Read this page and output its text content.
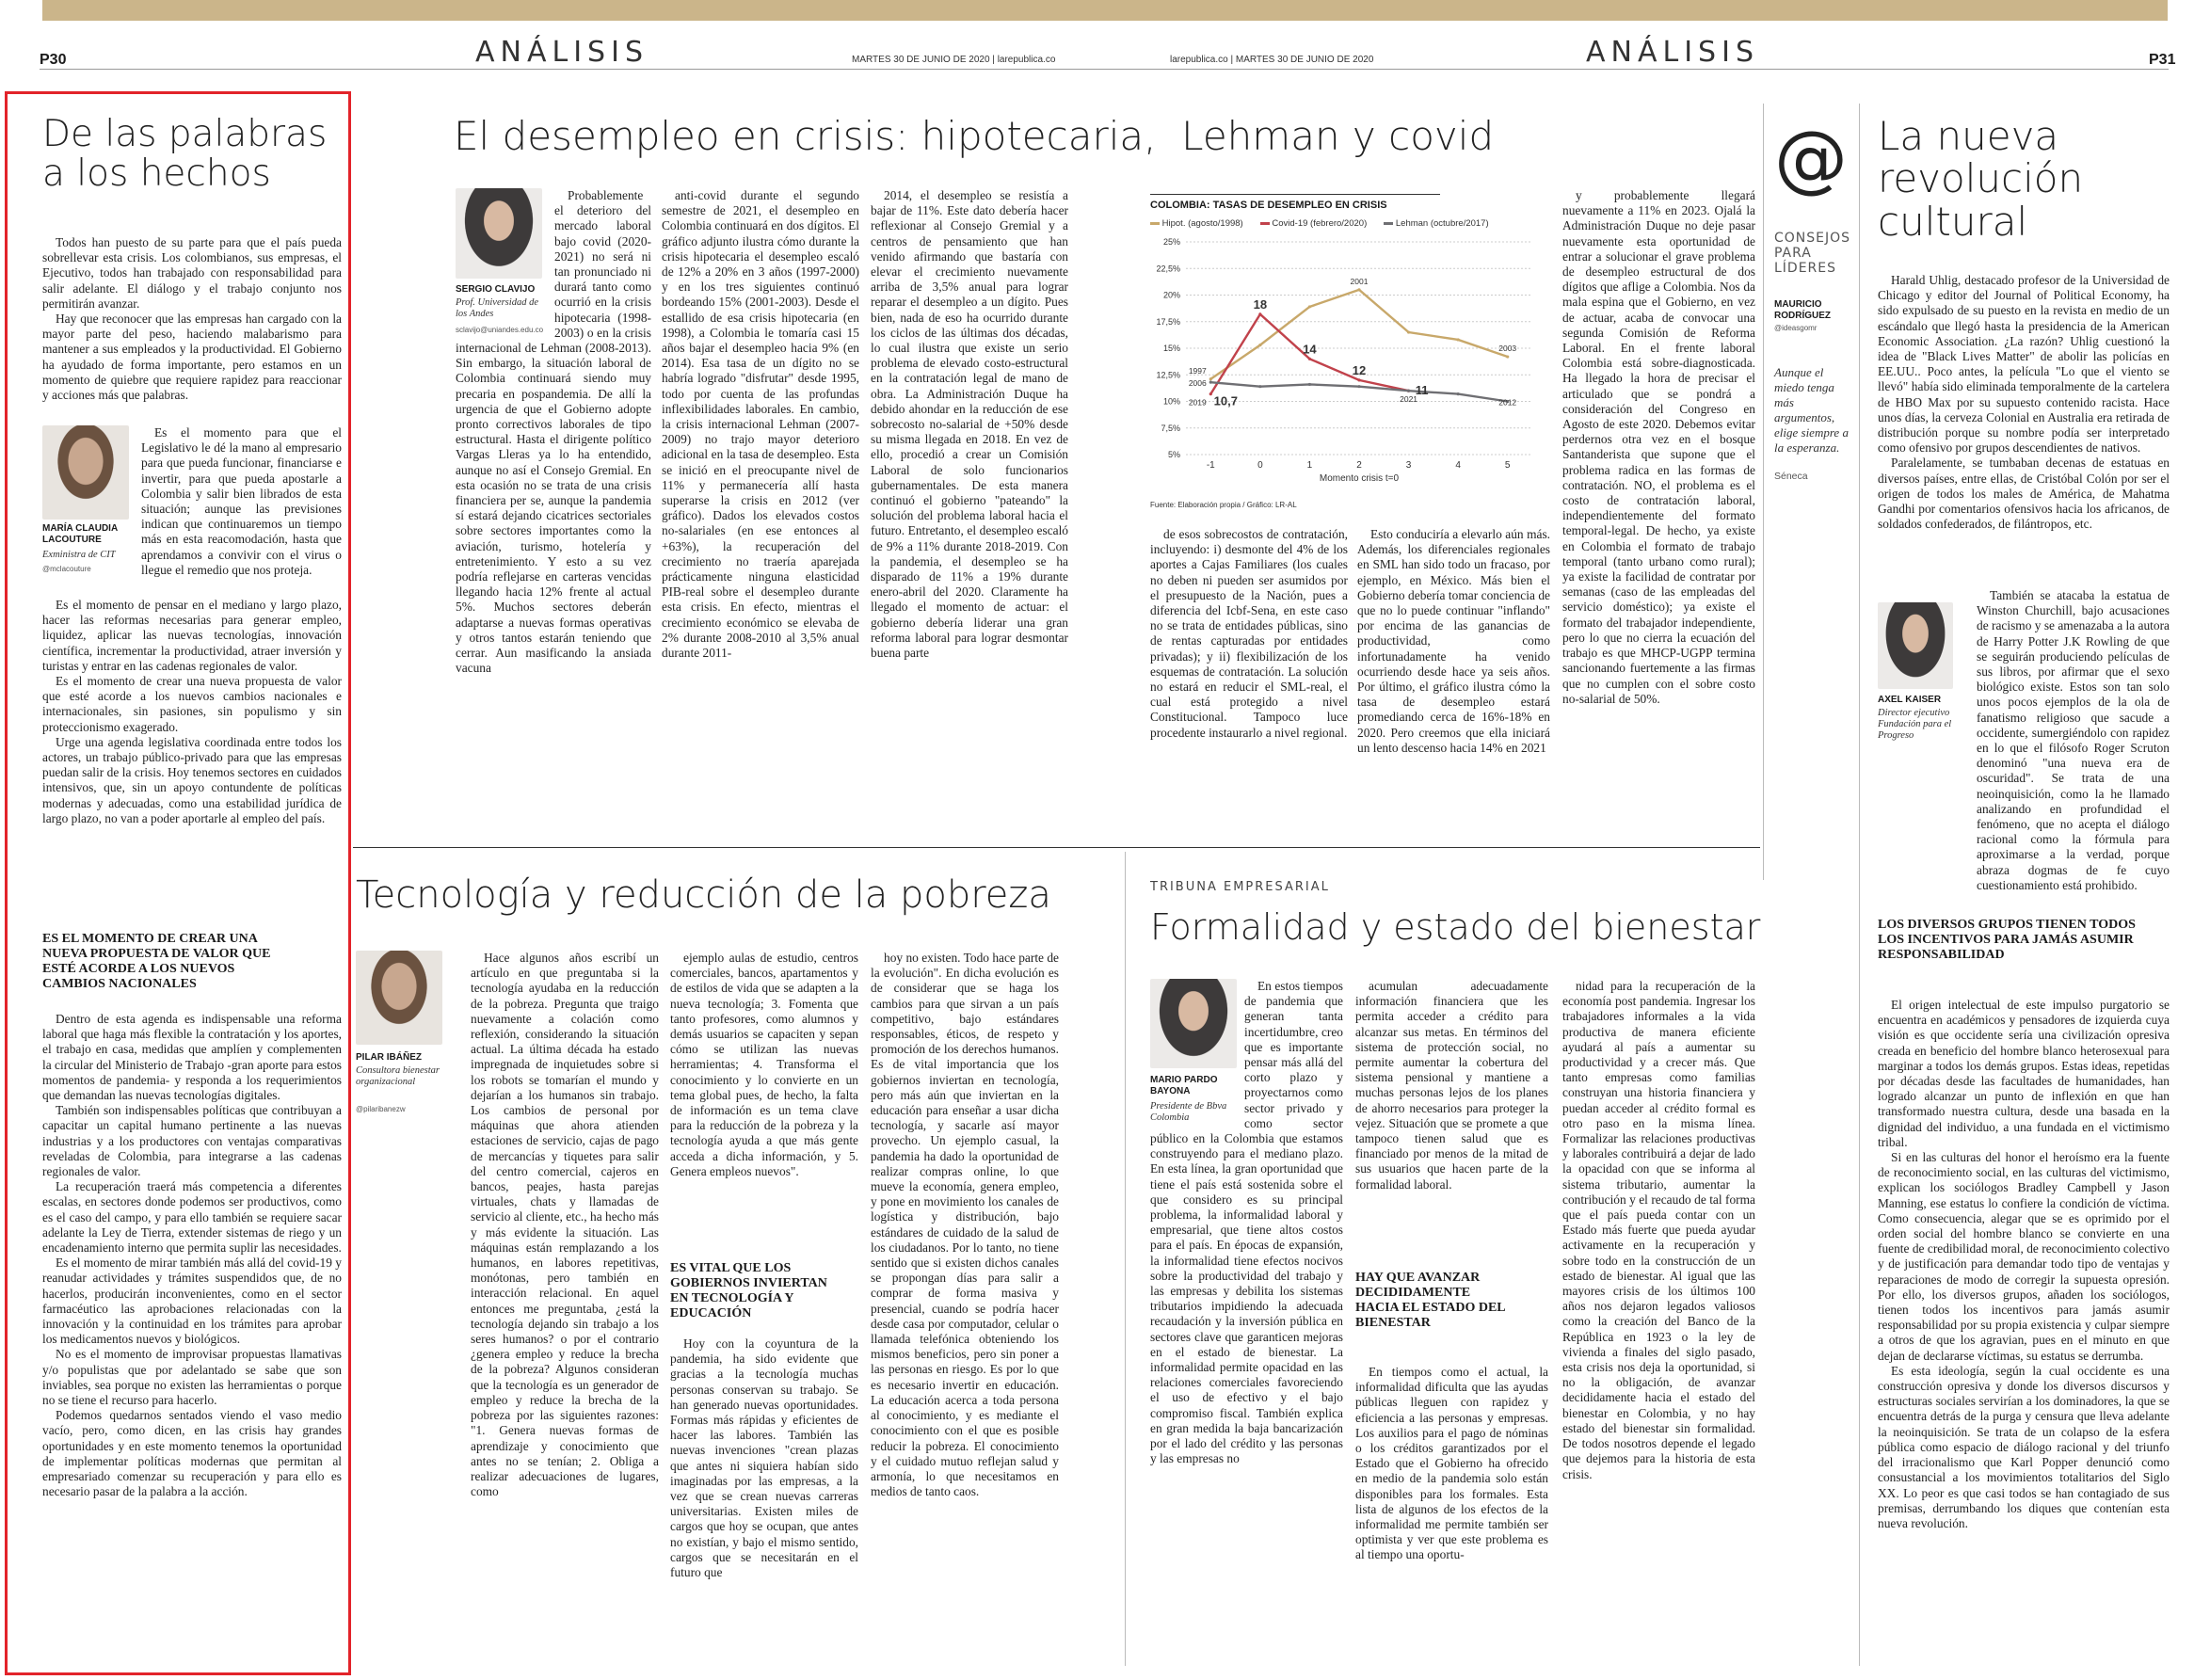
P30	ANÁLISIS	MARTES 30 DE JUNIO DE 2020 | larepublica.co	larepublica.co | MARTES 30 DE JUNIO DE 2020	ANÁLISIS	P31
De las palabras a los hechos

Todos han puesto de su parte para que el país pueda sobrellevar esta crisis. Los colombianos, sus empresas, el Ejecutivo, todos han trabajado con responsabilidad para salir adelante. El diálogo y el trabajo conjunto nos permitirán avanzar.

Hay que reconocer que las empresas han cargado con la mayor parte del peso, haciendo malabarismo para mantener a sus empleados y la productividad. El Gobierno ha ayudado de forma importante, pero estamos en un momento de quiebre que requiere rapidez para reaccionar y acciones más que palabras.

MARÍA CLAUDIA LACOUTURE
Exministra de CIT
@mclacouture

Es el momento para que el Legislativo le dé la mano al empresario para que pueda funcionar, financiarse e invertir, para que pueda apostarle a Colombia y salir bien librados de esta situación; aunque las previsiones indican que continuaremos un tiempo más en esta reacomodación, hasta que aprendamos a convivir con el virus o llegue el remedio que nos proteja.

Es el momento de pensar en el mediano y largo plazo, hacer las reformas necesarias para generar empleo, liquidez, aplicar las nuevas tecnologías, innovación científica, incrementar la productividad, atraer inversión y turistas y entrar en las cadenas regionales de valor.

Es el momento de crear una nueva propuesta de valor que esté acorde a los nuevos cambios nacionales e internacionales, sin pasiones, sin populismo y sin proteccionismo exagerado.

Urge una agenda legislativa coordinada entre todos los actores, un trabajo público-privado para que las empresas puedan salir de la crisis. Hoy tenemos sectores en cuidados intensivos, que, sin un apoyo contundente de políticas modernas y adecuadas, como una estabilidad jurídica de largo plazo, no van a poder aportarle al empleo del país.

ES EL MOMENTO DE CREAR UNA NUEVA PROPUESTA DE VALOR QUE ESTÉ ACORDE A LOS NUEVOS CAMBIOS NACIONALES

Dentro de esta agenda es indispensable una reforma laboral que haga más flexible la contratación y los aportes, el trabajo en casa, medidas que amplíen y complementen la circular del Ministerio de Trabajo -gran aporte para estos momentos de pandemia- y responda a los requerimientos que demandan las nuevas tecnologías digitales.

También son indispensables políticas que contribuyan a capacitar un capital humano pertinente a las nuevas industrias y a los productores con ventajas comparativas reveladas de Colombia, para integrarse a las cadenas regionales de valor.

La recuperación traerá más competencia a diferentes escalas, en sectores donde podemos ser productivos, como es el caso del campo, y para ello también se requiere sacar adelante la Ley de Tierra, extender sistemas de riego y un encadenamiento interno que permita suplir las necesidades.

Es el momento de mirar también más allá del covid-19 y reanudar actividades y trámites suspendidos que, de no hacerlos, producirán inconvenientes, como en el sector farmacéutico las aprobaciones relacionadas con la innovación y la continuidad en los trámites para aprobar los medicamentos nuevos y biológicos.

No es el momento de improvisar propuestas llamativas y/o populistas que por adelantado se sabe que son inviables, sea porque no existen las herramientas o porque no se tiene el recurso para hacerlo.

Podemos quedarnos sentados viendo el vaso medio vacío, pero, como dicen, en las crisis hay grandes oportunidades y en este momento tenemos la oportunidad de implementar políticas modernas que permitan al empresariado comenzar su recuperación y para ello es necesario pasar de la palabra a la acción.

El desempleo en crisis: hipotecaria,  Lehman y covid
SERGIO CLAVIJO
Prof. Universidad de los Andes
sclavijo@uniandes.edu.co

Probablemente el deterioro del mercado laboral bajo covid (2020-2021) no será ni tan pronunciado ni durará tanto como ocurrió en la crisis hipotecaria (1998-2003) o en la crisis internacional de Lehman (2008-2013). Sin embargo, la situación laboral de Colombia continuará siendo muy precaria en pospandemia. De allí la urgencia de que el Gobierno adopte pronto correctivos laborales de tipo estructural. Hasta el dirigente político Vargas Lleras ya lo ha entendido, aunque no así el Consejo Gremial. En esta ocasión no se trata de una crisis financiera per se, aunque la pandemia sí estará dejando cicatrices sectoriales sobre sectores importantes como la aviación, turismo, hotelería y entretenimiento. Y esto a su vez podría reflejarse en carteras vencidas llegando hacia 12% frente al actual 5%. Muchos sectores deberán adaptarse a nuevas formas operativas y otros tantos estarán teniendo que cerrar. Aun masificando la ansiada vacuna

anti-covid durante el segundo semestre de 2021, el desempleo en Colombia continuará en dos dígitos. El gráfico adjunto ilustra cómo durante la crisis hipotecaria el desempleo escaló de 12% a 20% en 3 años (1997-2000) y en los tres siguientes continuó bordeando 15% (2001-2003). Desde el estallido de esa crisis hipotecaria (en 1998), a Colombia le tomaría casi 15 años bajar el desempleo hacia 9% (en 2014). Esa tasa de un dígito no se habría logrado "disfrutar" desde 1995, todo por cuenta de las profundas inflexibilidades laborales. En cambio, la crisis internacional Lehman (2007-2009) no trajo mayor deterioro adicional en la tasa de desempleo. Esta se inició en el preocupante nivel de 11% y permanecería allí hasta superarse la crisis en 2012 (ver gráfico). Dados los elevados costos no-salariales (en ese entonces al +63%), la recuperación del crecimiento no traería aparejada prácticamente ninguna elasticidad PIB-real sobre el desempleo durante esta crisis. En efecto, mientras el crecimiento económico se elevaba de 2% durante 2008-2010 al 3,5% anual durante 2011-

2014, el desempleo se resistía a bajar de 11%. Este dato debería hacer reflexionar al Consejo Gremial y a centros de pensamiento que han venido afirmando que bastaría con elevar el crecimiento nuevamente arriba de 3,5% anual para lograr reparar el desempleo a un dígito. Pues bien, nada de eso ha ocurrido durante los ciclos de las últimas dos décadas, lo cual ilustra que existe un serio problema de elevado costo-estructural en la contratación legal de mano de obra. La Administración Duque ha debido ahondar en la reducción de ese sobrecosto no-salarial de +50% desde su misma llegada en 2018. En vez de ello, procedió a crear un Comisión Laboral de solo funcionarios gubernamentales. De esta manera continuó el gobierno "pateando" la solución del problema laboral hacia el futuro. Entretanto, el desempleo escaló de 9% a 11% durante 2018-2019. Con la pandemia, el desempleo se ha disparado de 11% a 19% durante enero-abril del 2020. Claramente ha llegado el momento de actuar: el gobierno debería liderar una gran reforma laboral para lograr desmontar buena parte

COLOMBIA: TASAS DE DESEMPLEO EN CRISIS
Hipot. (agosto/1998)	Covid-19 (febrero/2020)	Lehman (octubre/2017)
5%
7,5%
10%
12,5%
15%
17,5%
20%
22,5%
25%
-1	0	1	2	3	4	5
Momento crisis t=0
1997
2006
2019 10,7
18
14
2001
12
2021
11
2003
2012
Fuente: Elaboración propia / Gráfico: LR-AL

de esos sobrecostos de contratación, incluyendo: i) desmonte del 4% de los aportes a Cajas Familiares (los cuales no deben ni pueden ser asumidos por el presupuesto de la Nación, pues a diferencia del Icbf-Sena, en este caso no se trata de entidades públicas, sino de rentas capturadas por entidades privadas); y ii) flexibilización de los esquemas de contratación. La solución no estará en reducir el SML-real, el cual está protegido a nivel Constitucional. Tampoco luce procedente instaurarlo a nivel regional.

Esto conduciría a elevarlo aún más. Además, los diferenciales regionales en SML han sido todo un fracaso, por ejemplo, en México. Más bien el Gobierno debería tomar conciencia de que no lo puede continuar "inflando" por encima de las ganancias de productividad, como infortunadamente ha venido ocurriendo desde hace ya seis años. Por último, el gráfico ilustra cómo la tasa de desempleo estará promediando cerca de 16%-18% en 2020. Pero creemos que ella iniciará un lento descenso hacia 14% en 2021

y probablemente llegará nuevamente a 11% en 2023. Ojalá la Administración Duque no deje pasar nuevamente esta oportunidad de entrar a solucionar el grave problema de desempleo estructural de dos dígitos que aflige a Colombia. Nos da mala espina que el Gobierno, en vez de actuar, acaba de convocar una segunda Comisión de Reforma Laboral. En el frente laboral Colombia está sobre-diagnosticada. Ha llegado la hora de precisar el articulado que se pondrá a consideración del Congreso en Agosto de este 2020. Debemos evitar perdernos otra vez en el bosque Santanderista que supone que el problema radica en las formas de contratación. NO, el problema es el costo de contratación laboral, independientemente del formato temporal-legal. De hecho, ya existe en Colombia el formato de trabajo temporal (tanto urbano como rural); ya existe la facilidad de contratar por semanas (caso de las empleadas del servicio doméstico); ya existe el formato del trabajador independiente, pero lo que no cierra la ecuación del trabajo es que MHCP-UGPP termina sancionando fuertemente a las firmas que no cumplen con el sobre costo no-salarial de 50%.

@
CONSEJOS PARA LÍDERES
MAURICIO RODRÍGUEZ
@ideasgomr
Aunque el miedo tenga más argumentos, elige siempre a la esperanza.
Séneca
La nueva revolución cultural

Harald Uhlig, destacado profesor de la Universidad de Chicago y editor del Journal of Political Economy, ha sido expulsado de su puesto en la revista en medio de un escándalo que llegó hasta la presidencia de la American Economic Association. ¿La razón? Uhlig cuestionó la idea de "Black Lives Matter" de abolir las policías en EE.UU.. Poco antes, la película "Lo que el viento se llevó" había sido eliminada temporalmente de la cartelera de HBO Max por su supuesto contenido racista. Hace unos días, la cerveza Colonial en Australia era retirada de distribución porque su nombre podía ser interpretado como ofensivo por grupos descendientes de nativos.

Paralelamente, se tumbaban decenas de estatuas en diversos países, entre ellas, de Cristóbal Colón por ser el origen de todos los males de América, de Mahatma Gandhi por comentarios ofensivos hacia los africanos, de soldados confederados, de filántropos, etc.

AXEL KAISER
Director ejecutivo Fundación para el Progreso

También se atacaba la estatua de Winston Churchill, bajo acusaciones de racismo y se amenazaba a la autora de Harry Potter J.K Rowling de que se seguirán produciendo películas de sus libros, por afirmar que el sexo biológico existe. Estos son tan solo unos pocos ejemplos de la ola de fanatismo religioso que sacude a occidente, sumergiéndolo con rapidez en lo que el filósofo Roger Scruton denominó "una nueva era de oscuridad". Se trata de una neoinquisición, como la he llamado analizando en profundidad el fenómeno, que no acepta el diálogo racional como la fórmula para aproximarse a la verdad, porque abraza dogmas de fe cuyo cuestionamiento está prohibido.

LOS DIVERSOS GRUPOS TIENEN TODOS LOS INCENTIVOS PARA JAMÁS ASUMIR RESPONSABILIDAD

El origen intelectual de este impulso purgatorio se encuentra en académicos y pensadores de izquierda cuya visión es que occidente sería una civilización opresiva creada en beneficio del hombre blanco heterosexual para marginar a todos los demás grupos. Estas ideas, repetidas por décadas desde las facultades de humanidades, han logrado alcanzar un punto de inflexión en que han transformado nuestra cultura, desde una basada en la dignidad del individuo, a una fundada en el victimismo tribal.

Si en las culturas del honor el heroísmo era la fuente de reconocimiento social, en las culturas del victimismo, explican los sociólogos Bradley Campbell y Jason Manning, ese estatus lo confiere la condición de víctima. Como consecuencia, alegar que se es oprimido por el orden social del hombre blanco se convierte en una fuente de credibilidad moral, de reconocimiento colectivo y de justificación para demandar todo tipo de ventajas y reparaciones de modo de corregir la supuesta opresión. Por ello, los diversos grupos, añaden los sociólogos, tienen todos los incentivos para jamás asumir responsabilidad por su propia existencia y culpar siempre a otros de que los agravian, pues en el minuto en que dejan de declararse víctimas, su estatus se derrumba.

Es esta ideología, según la cual occidente es una construcción opresiva y donde los diversos discursos y estructuras sociales servirían a los dominadores, la que se encuentra detrás de la purga y censura que lleva adelante la neoinquisición. Se trata de un colapso de la esfera pública como espacio de diálogo racional y del triunfo del irracionalismo que Karl Popper denunció como consustancial a los movimientos totalitarios del Siglo XX. Lo peor es que casi todos se han contagiado de sus premisas, derrumbando los diques que contenían esta nueva revolución.

Tecnología y reducción de la pobreza
PILAR IBÁÑEZ
Consultora bienestar organizacional
@pilaribanezw

Hace algunos años escribí un artículo en que preguntaba si la tecnología ayudaba en la reducción de la pobreza. Pregunta que traigo nuevamente a colación como reflexión, considerando la situación actual. La última década ha estado impregnada de inquietudes sobre si los robots se tomarían el mundo y dejarían a los humanos sin trabajo. Los cambios de personal por máquinas que ahora atienden estaciones de servicio, cajas de pago de mercancías y tiquetes para salir del centro comercial, cajeros en bancos, peajes, hasta parejas virtuales, chats y llamadas de servicio al cliente, etc., ha hecho más y más evidente la situación. Las máquinas están remplazando a los humanos, en labores repetitivas, monótonas, pero también en interacción relacional. En aquel entonces me preguntaba, ¿está la tecnología dejando sin trabajo a los seres humanos? o por el contrario ¿genera empleo y reduce la brecha de la pobreza? Algunos consideran que la tecnología es un generador de empleo y reduce la brecha de la pobreza por las siguientes razones: "1. Genera nuevas formas de aprendizaje y conocimiento que antes no se tenían; 2. Obliga a realizar adecuaciones de lugares, como

ejemplo aulas de estudio, centros comerciales, bancos, apartamentos y de estilos de vida que se adapten a la nueva tecnología; 3. Fomenta que tanto profesores, como alumnos y demás usuarios se capaciten y sepan cómo se utilizan las nuevas herramientas; 4. Transforma el conocimiento y lo convierte en un tema global pues, de hecho, la falta de información es un tema clave para la reducción de la pobreza y la tecnología ayuda a que más gente acceda a dicha información, y 5. Genera empleos nuevos".

ES VITAL QUE LOS GOBIERNOS INVIERTAN EN TECNOLOGÍA Y EDUCACIÓN

Hoy con la coyuntura de la pandemia, ha sido evidente que gracias a la tecnología muchas personas conservan su trabajo. Se han generado nuevas oportunidades. Formas más rápidas y eficientes de hacer las labores. También las nuevas invenciones "crean plazas que antes ni siquiera habían sido imaginadas por las empresas, a la vez que se crean nuevas carreras universitarias. Existen miles de cargos que hoy se ocupan, que antes no existían, y bajo el mismo sentido, cargos que se necesitarán en el futuro que

hoy no existen. Todo hace parte de la evolución". En dicha evolución es de considerar que se haga los cambios para que sirvan a un país competitivo, bajo estándares responsables, éticos, de respeto y promoción de los derechos humanos. Es de vital importancia que los gobiernos inviertan en tecnología, pero más aún que inviertan en la educación para enseñar a usar dicha tecnología, y sacarle así mayor provecho. Un ejemplo casual, la pandemia ha dado la oportunidad de realizar compras online, lo que mueve la economía, genera empleo, y pone en movimiento los canales de logística y distribución, bajo estándares de cuidado de la salud de los ciudadanos. Por lo tanto, no tiene sentido que si existen dichos canales se propongan días para salir a comprar de forma masiva y presencial, cuando se podría hacer desde casa por computador, celular o llamada telefónica obteniendo los mismos beneficios, pero sin poner a las personas en riesgo. Es por lo que es necesario invertir en educación. La educación acerca a toda persona al conocimiento, y es mediante el conocimiento con el que es posible reducir la pobreza. El conocimiento y el cuidado mutuo reflejan salud y armonía, lo que necesitamos en medios de tanto caos.

TRIBUNA EMPRESARIAL
Formalidad y estado del bienestar
MARIO PARDO BAYONA
Presidente de Bbva Colombia

En estos tiempos de pandemia que generan tanta incertidumbre, creo que es importante pensar más allá del corto plazo y proyectarnos como sector privado y como sector público en la Colombia que estamos construyendo para el mediano plazo. En esta línea, la gran oportunidad que tiene el país está sostenida sobre el que considero es su principal problema, la informalidad laboral y empresarial, que tiene altos costos para el país. En épocas de expansión, la informalidad tiene efectos nocivos sobre la productividad del trabajo y las empresas y debilita los sistemas tributarios impidiendo la adecuada recaudación y la inversión pública en sectores clave que garanticen mejoras en el estado de bienestar. La informalidad permite opacidad en las relaciones comerciales favoreciendo el uso de efectivo y el bajo compromiso fiscal. También explica en gran medida la baja bancarización por el lado del crédito y las personas y las empresas no

acumulan adecuadamente información financiera que les permita acceder a crédito para alcanzar sus metas. En términos del sistema de protección social, no permite aumentar la cobertura del sistema pensional y mantiene a muchas personas lejos de los planes de ahorro necesarios para proteger la vejez. Situación que se promete a que tampoco tienen salud que es financiado por menos de la mitad de sus usuarios que hacen parte de la formalidad laboral.

HAY QUE AVANZAR DECIDIDAMENTE HACIA EL ESTADO DEL BIENESTAR

En tiempos como el actual, la informalidad dificulta que las ayudas públicas lleguen con rapidez y eficiencia a las personas y empresas. Los auxilios para el pago de nóminas o los créditos garantizados por el Estado que el Gobierno ha ofrecido en medio de la pandemia solo están disponibles para los formales. Esta lista de algunos de los efectos de la informalidad me permite también ser optimista y ver que este problema es al tiempo una oportu-

nidad para la recuperación de la economía post pandemia. Ingresar los trabajadores informales a la vida productiva de manera eficiente ayudará al país a aumentar su productividad y a crecer más. Que tanto empresas como familias construyan una historia financiera y puedan acceder al crédito formal es otro paso en la misma línea. Formalizar las relaciones productivas y laborales contribuirá a dejar de lado la opacidad con que se informa al sistema tributario, aumentar la contribución y el recaudo de tal forma que el país pueda contar con un Estado más fuerte que pueda ayudar activamente en la recuperación y sobre todo en la construcción de un estado de bienestar. Al igual que las mayores crisis de los últimos 100 años nos dejaron legados valiosos como la creación del Banco de la República en 1923 o la ley de vivienda a finales del siglo pasado, esta crisis nos deja la oportunidad, si no la obligación, de avanzar decididamente hacia el estado del bienestar en Colombia, y no hay estado del bienestar sin formalidad. De todos nosotros depende el legado que dejemos para la historia de esta crisis.
